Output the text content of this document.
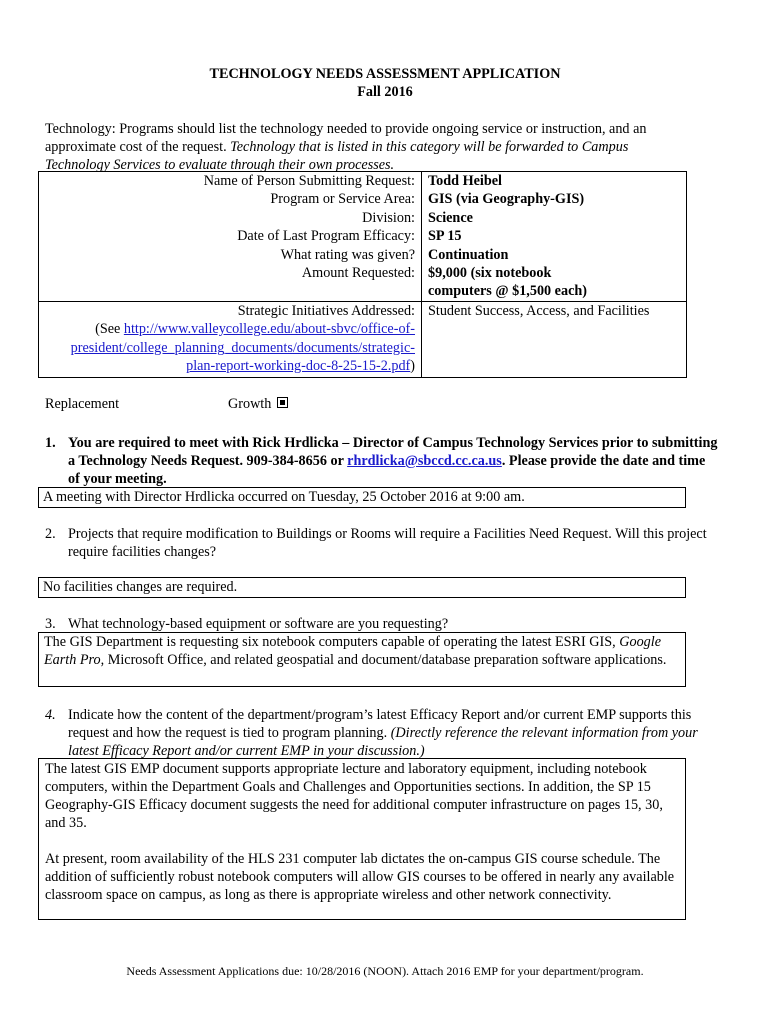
TECHNOLOGY NEEDS ASSESSMENT APPLICATION
Fall 2016
Technology: Programs should list the technology needed to provide ongoing service or instruction, and an approximate cost of the request. Technology that is listed in this category will be forwarded to Campus Technology Services to evaluate through their own processes.
Name of Person Submitting Request:	Todd Heibel
Program or Service Area:	GIS (via Geography-GIS)
Division:	Science
Date of Last Program Efficacy:	SP 15
What rating was given?	Continuation
Amount Requested:	$9,000 (six notebook computers @ $1,500 each)

Strategic Initiatives Addressed:
(See http://www.valleycollege.edu/about-sbvc/office-of-
president/college_planning_documents/documents/strategic-
plan-report-working-doc-8-25-15-2.pdf)	Student Success, Access, and Facilities
Replacement	Growth
1. You are required to meet with Rick Hrdlicka – Director of Campus Technology Services prior to submitting a Technology Needs Request. 909-384-8656 or rhrdlicka@sbccd.cc.ca.us. Please provide the date and time of your meeting.
A meeting with Director Hrdlicka occurred on Tuesday, 25 October 2016 at 9:00 am.
2. Projects that require modification to Buildings or Rooms will require a Facilities Need Request. Will this project require facilities changes?
No facilities changes are required.
3. What technology-based equipment or software are you requesting?
The GIS Department is requesting six notebook computers capable of operating the latest ESRI GIS, Google Earth Pro, Microsoft Office, and related geospatial and document/database preparation software applications.
4. Indicate how the content of the department/program’s latest Efficacy Report and/or current EMP supports this request and how the request is tied to program planning. (Directly reference the relevant information from your latest Efficacy Report and/or current EMP in your discussion.)

The latest GIS EMP document supports appropriate lecture and laboratory equipment, including notebook computers, within the Department Goals and Challenges and Opportunities sections. In addition, the SP 15 Geography-GIS Efficacy document suggests the need for additional computer infrastructure on pages 15, 30, and 35.

At present, room availability of the HLS 231 computer lab dictates the on-campus GIS course schedule. The addition of sufficiently robust notebook computers will allow GIS courses to be offered in nearly any available classroom space on campus, as long as there is appropriate wireless and other network connectivity.

Needs Assessment Applications due: 10/28/2016 (NOON). Attach 2016 EMP for your department/program.
